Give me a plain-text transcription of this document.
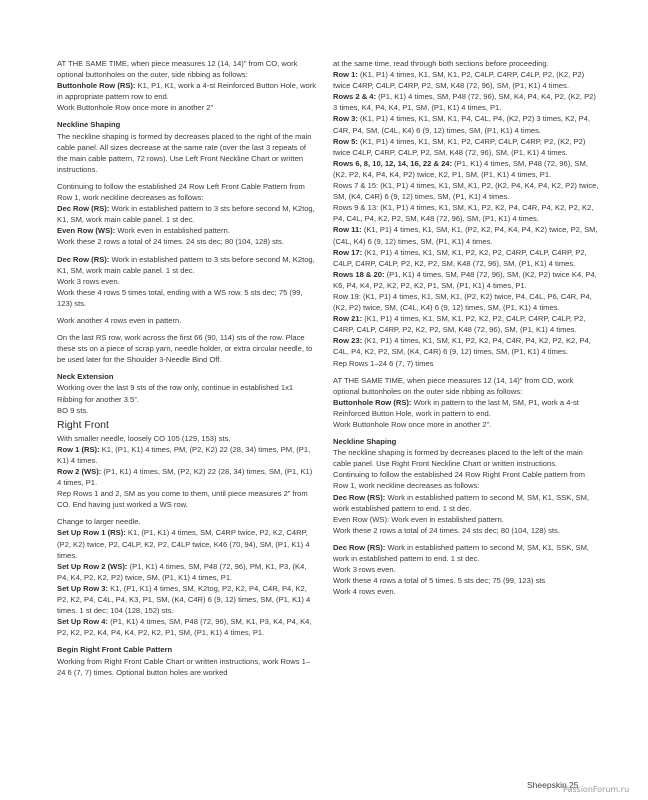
AT THE SAME TIME, when piece measures 12 (14, 14)” from CO, work optional buttonholes on the outer, side ribbing as follows:
Buttonhole Row (RS): K1, P1, K1, work a 4-st Reinforced Button Hole, work in appropriate pattern row to end.
Work Buttonhole Row once more in another 2”
Neckline Shaping
The neckline shaping is formed by decreases placed to the right of the main cable panel. All sizes decrease at the same rate (over the last 3 repeats of the main cable pattern, 72 rows). Use Left Front Neckline Chart or written instructions.
Continuing to follow the established 24 Row Left Front Cable Pattern from Row 1, work neckline decreases as follows:
Dec Row (RS): Work in established pattern to 3 sts before second M, K2tog, K1, SM, work main cable panel. 1 st dec.
Even Row (WS): Work even in established pattern.
Work these 2 rows a total of 24 times. 24 sts dec; 80 (104, 128) sts.
Dec Row (RS): Work in established pattern to 3 sts before second M, K2tog, K1, SM, work main cable panel. 1 st dec.
Work 3 rows even.
Work these 4 rows 5 times total, ending with a WS row. 5 sts dec; 75 (99, 123) sts.
Work another 4 rows even in pattern.
On the last RS row, work across the first 66 (90, 114) sts of the row. Place these sts on a piece of scrap yarn, needle holder, or extra circular needle, to be used later for the Shoulder 3-Needle Bind Off.
Neck Extension
Working over the last 9 sts of the row only, continue in established 1x1 Ribbing for another 3.5”.
BO 9 sts.
Right Front
With smaller needle, loosely CO 105 (129, 153) sts.
Row 1 (RS): K1, (P1, K1) 4 times, PM, (P2, K2) 22 (28, 34) times, PM, (P1, K1) 4 times.
Row 2 (WS): (P1, K1) 4 times, SM, (P2, K2) 22 (28, 34) times, SM, (P1, K1) 4 times, P1.
Rep Rows 1 and 2, SM as you come to them, until piece measures 2” from CO. End having just worked a WS row.
Change to larger needle.
Set Up Row 1 (RS): K1, (P1, K1) 4 times, SM, C4RP twice, P2, K2, C4RP, (P2, K2) twice, P2, C4LP, K2, P2, C4LP twice, K46 (70, 94), SM, (P1, K1) 4 times.
Set Up Row 2 (WS): (P1, K1) 4 times, SM, P48 (72, 96), PM, K1, P3, (K4, P4, K4, P2, K2, P2) twice, SM, (P1, K1) 4 times, P1.
Set Up Row 3: K1, (P1, K1) 4 times, SM, K2tog, P2, K2, P4, C4R, P4, K2, P2, K2, P4, C4L, P4, K3, P1, SM, (K4, C4R) 6 (9, 12) times, SM, (P1, K1) 4 times. 1 st dec; 104 (128, 152) sts.
Set Up Row 4: (P1, K1) 4 times, SM, P48 (72, 96), SM, K1, P3, K4, P4, K4, P2, K2, P2, K4, P4, K4, P2, K2, P1, SM, (P1, K1) 4 times, P1.
Begin Right Front Cable Pattern
Working from Right Front Cable Chart or written instructions, work Rows 1–24 6 (7, 7) times. Optional button holes are worked
at the same time, read through both sections before proceeding.
Row 1: (K1, P1) 4 times, K1, SM, K1, P2, C4LP, C4RP, C4LP, P2, (K2, P2) twice C4RP, C4LP, C4RP, P2, SM, K48 (72, 96), SM, (P1, K1) 4 times.
Rows 2 & 4: (P1, K1) 4 times, SM, P48 (72, 96), SM, K4, P4, K4, P2, (K2, P2) 3 times, K4, P4, K4, P1, SM, (P1, K1) 4 times, P1.
Row 3: (K1, P1) 4 times, K1, SM, K1, P4, C4L, P4, (K2, P2) 3 times, K2, P4, C4R, P4, SM, (C4L, K4) 6 (9, 12) times, SM, (P1, K1) 4 times.
Row 5: (K1, P1) 4 times, K1, SM, K1, P2, C4RP, C4LP, C4RP, P2, (K2, P2) twice C4LP, C4RP, C4LP, P2, SM, K48 (72, 96), SM, (P1, K1) 4 times.
Rows 6, 8, 10, 12, 14, 16, 22 & 24: (P1, K1) 4 times, SM, P48 (72, 96), SM, (K2, P2, K4, P4, K4, P2) twice, K2, P1, SM, (P1, K1) 4 times, P1.
Rows 7 & 15: (K1, P1) 4 times, K1, SM, K1, P2, (K2, P4, K4, P4, K2, P2) twice, SM, (K4, C4R) 6 (9, 12) times, SM, (P1, K1) 4 times.
Rows 9 & 13: (K1, P1) 4 times, K1, SM, K1, P2, K2, P4, C4R, P4, K2, P2, K2, P4, C4L, P4, K2, P2, SM, K48 (72, 96), SM, (P1, K1) 4 times.
Row 11: (K1, P1) 4 times, K1, SM, K1, (P2, K2, P4, K4, P4, K2) twice, P2, SM, (C4L, K4) 6 (9, 12) times, SM, (P1, K1) 4 times.
Row 17: (K1, P1) 4 times, K1, SM, K1, P2, K2, P2, C4RP, C4LP, C4RP, P2, C4LP, C4RP, C4LP, P2, K2, P2, SM, K48 (72, 96), SM, (P1, K1) 4 times.
Rows 18 & 20: (P1, K1) 4 times, SM, P48 (72, 96), SM, (K2, P2) twice K4, P4, K6, P4, K4, P2, K2, P2, K2, P1, SM, (P1, K1) 4 times, P1.
Row 19: (K1, P1) 4 times, K1, SM, K1, (P2, K2) twice, P4, C4L, P6, C4R, P4, (K2, P2) twice, SM, (C4L, K4) 6 (9, 12) times, SM, (P1, K1) 4 times.
Row 21: (K1, P1) 4 times, K1, SM, K1, P2, K2, P2, C4LP, C4RP, C4LP, P2, C4RP, C4LP, C4RP, P2, K2, P2, SM, K48 (72, 96), SM, (P1, K1) 4 times.
Row 23: (K1, P1) 4 times, K1, SM, K1, P2, K2, P4, C4R, P4, K2, P2, K2, P4, C4L, P4, K2, P2, SM, (K4, C4R) 6 (9, 12) times, SM, (P1, K1) 4 times.
Rep Rows 1–24 6 (7, 7) times
AT THE SAME TIME, when piece measures 12 (14, 14)” from CO, work optional buttonholes on the outer side ribbing as follows:
Buttonhole Row (RS): Work in pattern to the last M, SM, P1, work a 4-st Reinforced Button Hole, work in pattern to end.
Work Buttonhole Row once more in another 2”.
Neckline Shaping
The neckline shaping is formed by decreases placed to the left of the main cable panel. Use Right Front Neckline Chart or written instructions.
Continuing to follow the established 24 Row Right Front Cable pattern from Row 1, work neckline decreases as follows:
Dec Row (RS): Work in established pattern to second M, SM, K1, SSK, SM, work established pattern to end. 1 st dec.
Even Row (WS): Work even in established pattern.
Work these 2 rows a total of 24 times. 24 sts dec; 80 (104, 128) sts.
Dec Row (RS): Work in established pattern to second M, SM, K1, SSK, SM, work in established pattern to end. 1 st dec.
Work 3 rows even.
Work these 4 rows a total of 5 times. 5 sts dec; 75 (99, 123) sts
Work 4 rows even.
Sheepskin 25
PassionForum.ru
